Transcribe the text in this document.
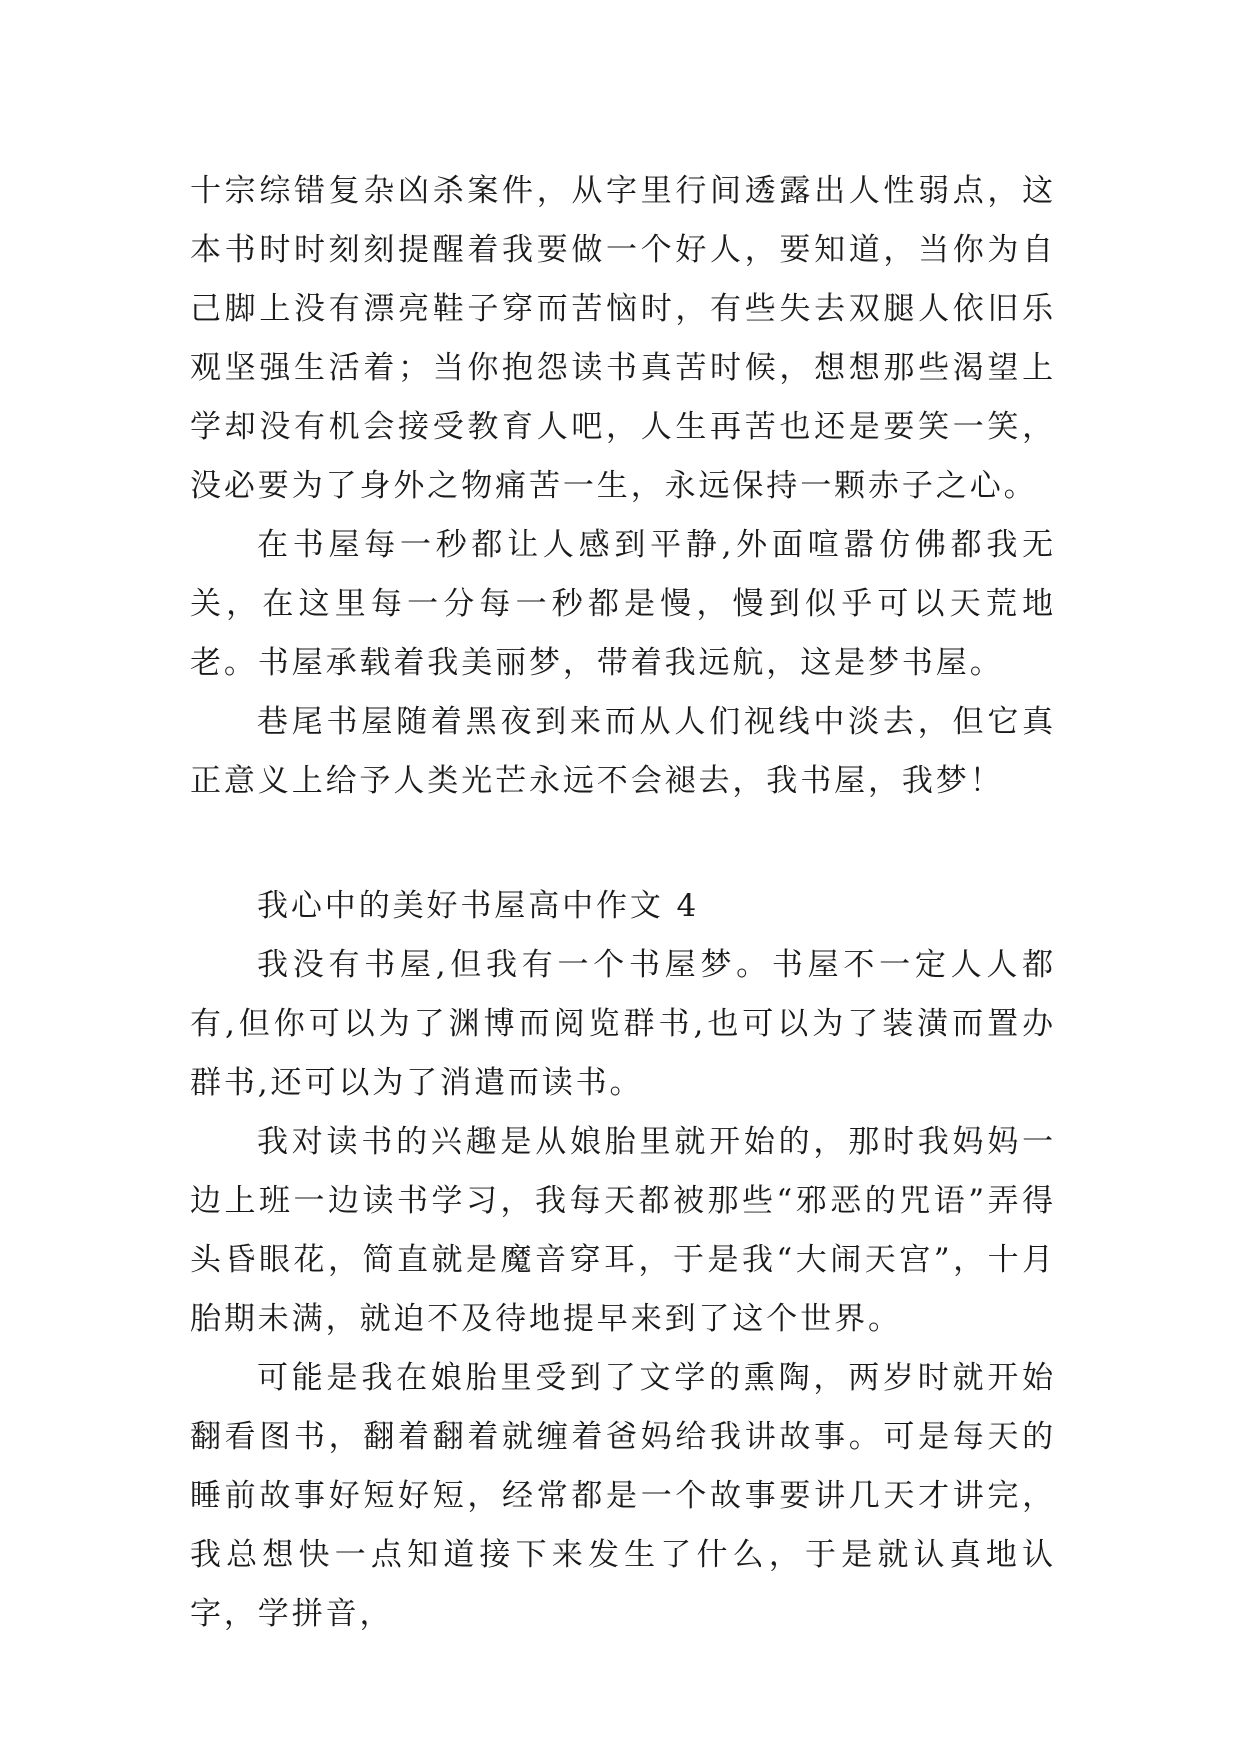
十宗综错复杂凶杀案件，从字里行间透露出人性弱点，这本书时时刻刻提醒着我要做一个好人，要知道，当你为自己脚上没有漂亮鞋子穿而苦恼时，有些失去双腿人依旧乐观坚强生活着；当你抱怨读书真苦时候，想想那些渴望上学却没有机会接受教育人吧，人生再苦也还是要笑一笑，没必要为了身外之物痛苦一生，永远保持一颗赤子之心。

在书屋每一秒都让人感到平静,外面喧嚣仿佛都我无关，在这里每一分每一秒都是慢，慢到似乎可以天荒地老。书屋承载着我美丽梦，带着我远航，这是梦书屋。

巷尾书屋随着黑夜到来而从人们视线中淡去，但它真正意义上给予人类光芒永远不会褪去，我书屋，我梦！

我心中的美好书屋高中作文 4

我没有书屋,但我有一个书屋梦。书屋不一定人人都有,但你可以为了渊博而阅览群书,也可以为了装潢而置办群书,还可以为了消遣而读书。

我对读书的兴趣是从娘胎里就开始的，那时我妈妈一边上班一边读书学习，我每天都被那些“邪恶的咒语”弄得头昏眼花，简直就是魔音穿耳，于是我“大闹天宫”，十月胎期未满，就迫不及待地提早来到了这个世界。

可能是我在娘胎里受到了文学的熏陶，两岁时就开始翻看图书，翻着翻着就缠着爸妈给我讲故事。可是每天的睡前故事好短好短，经常都是一个故事要讲几天才讲完，我总想快一点知道接下来发生了什么，于是就认真地认字，学拼音，
